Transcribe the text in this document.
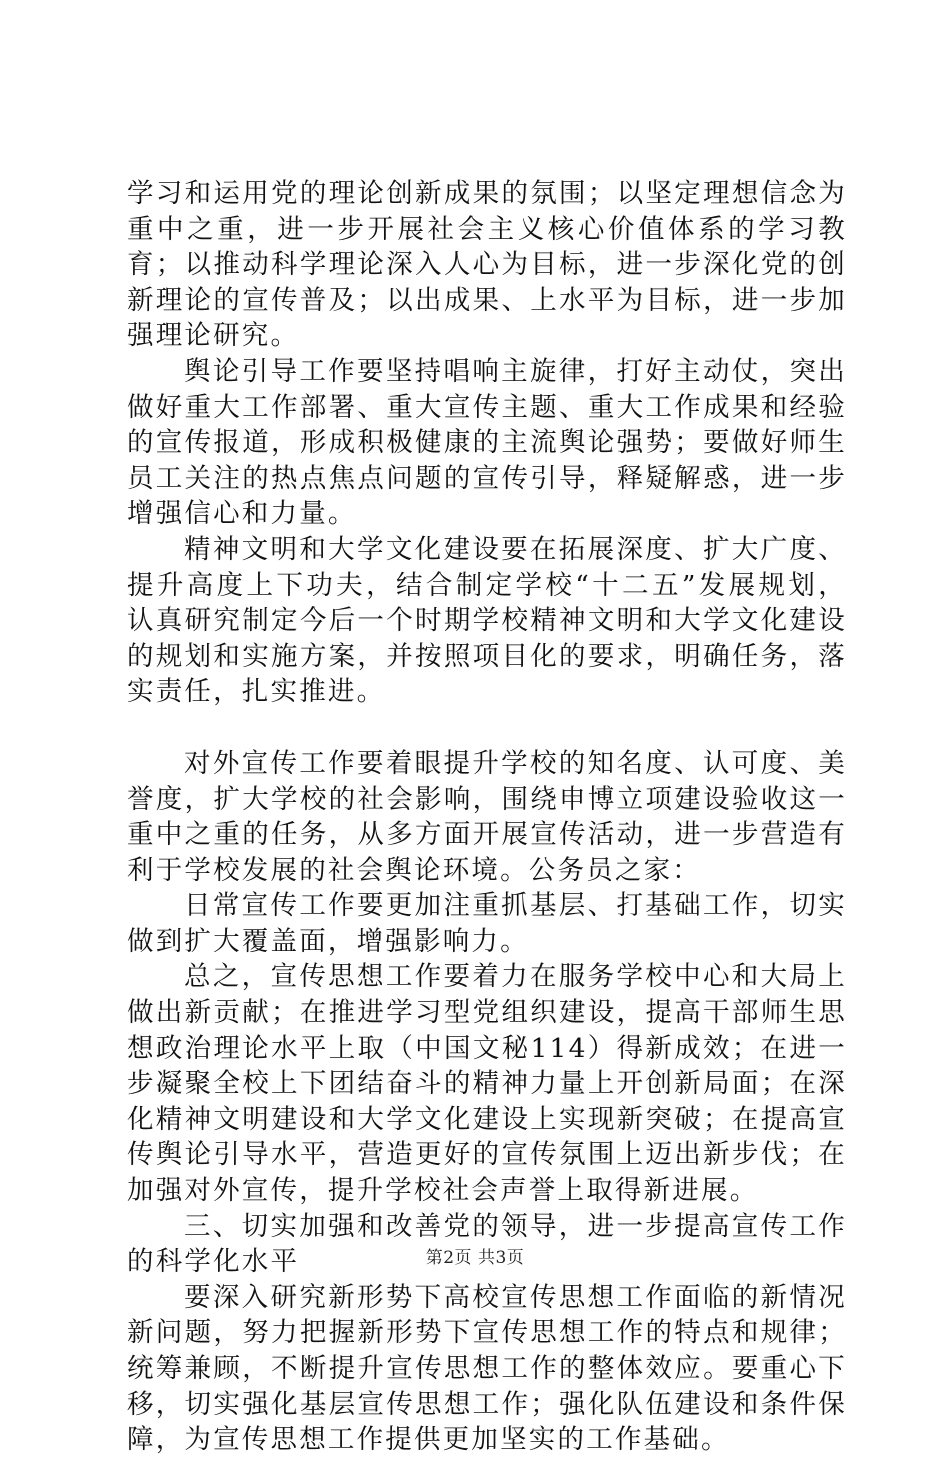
学习和运用党的理论创新成果的氛围；以坚定理想信念为重中之重，进一步开展社会主义核心价值体系的学习教育；以推动科学理论深入人心为目标，进一步深化党的创新理论的宣传普及；以出成果、上水平为目标，进一步加强理论研究。

舆论引导工作要坚持唱响主旋律，打好主动仗，突出做好重大工作部署、重大宣传主题、重大工作成果和经验的宣传报道，形成积极健康的主流舆论强势；要做好师生员工关注的热点焦点问题的宣传引导，释疑解惑，进一步增强信心和力量。

精神文明和大学文化建设要在拓展深度、扩大广度、提升高度上下功夫，结合制定学校“十二五”发展规划，认真研究制定今后一个时期学校精神文明和大学文化建设的规划和实施方案，并按照项目化的要求，明确任务，落实责任，扎实推进。

对外宣传工作要着眼提升学校的知名度、认可度、美誉度，扩大学校的社会影响，围绕申博立项建设验收这一重中之重的任务，从多方面开展宣传活动，进一步营造有利于学校发展的社会舆论环境。公务员之家：

日常宣传工作要更加注重抓基层、打基础工作，切实做到扩大覆盖面，增强影响力。

总之，宣传思想工作要着力在服务学校中心和大局上做出新贡献；在推进学习型党组织建设，提高干部师生思想政治理论水平上取（中国文秘114）得新成效；在进一步凝聚全校上下团结奋斗的精神力量上开创新局面；在深化精神文明建设和大学文化建设上实现新突破；在提高宣传舆论引导水平，营造更好的宣传氛围上迈出新步伐；在加强对外宣传，提升学校社会声誉上取得新进展。

三、切实加强和改善党的领导，进一步提高宣传工作的科学化水平

要深入研究新形势下高校宣传思想工作面临的新情况新问题，努力把握新形势下宣传思想工作的特点和规律；统筹兼顾，不断提升宣传思想工作的整体效应。要重心下移，切实强化基层宣传思想工作；强化队伍建设和条件保障，为宣传思想工作提供更加坚实的工作基础。

第2页 共3页
